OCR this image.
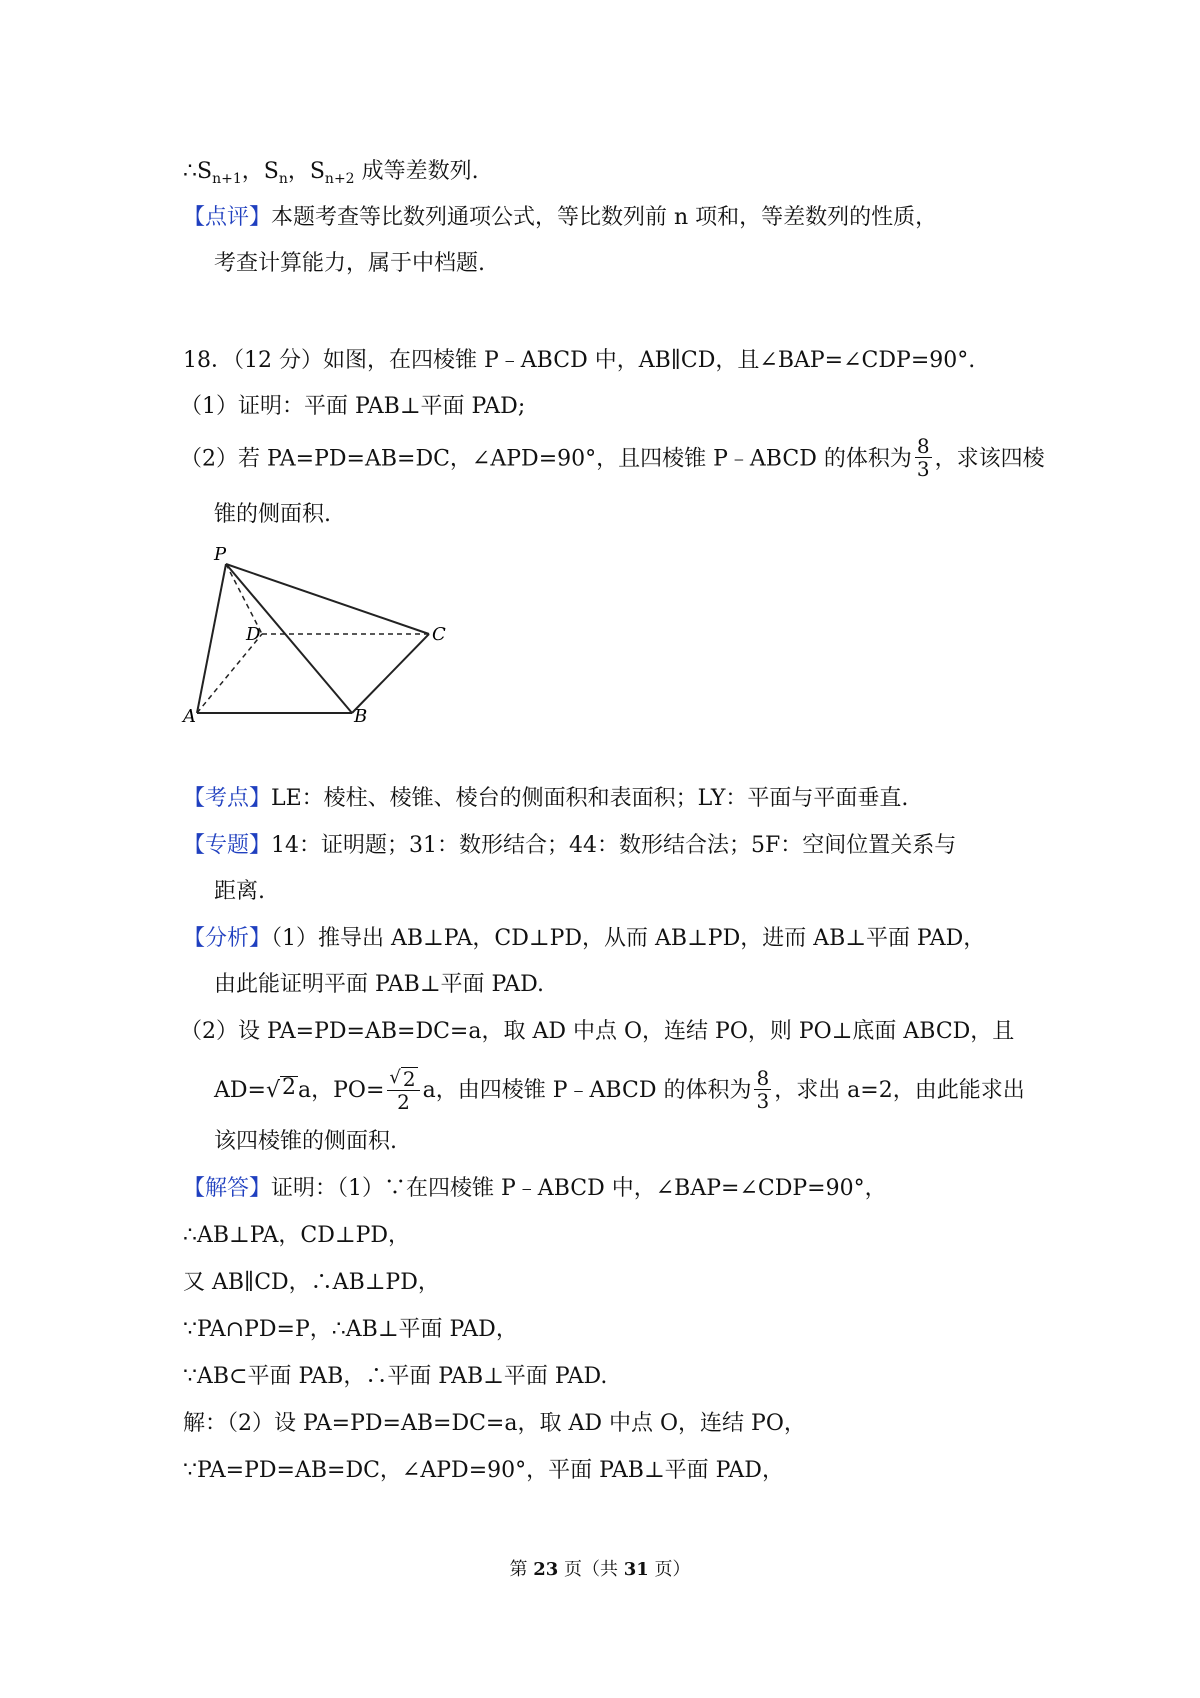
$\therefore S_{n+1}$，$S_n$，$S_{n+2}$ 成等差数列.
【点评】本题考查等比数列通项公式，等比数列前 n 项和，等差数列的性质，
考查计算能力，属于中档题.
18．（12 分）如图，在四棱锥 P﹣ABCD 中，AB∥CD，且∠BAP=∠CDP=90°.
（1）证明：平面 PAB⊥平面 PAD;
（2）若 PA=PD=AB=DC，∠APD=90°，且四棱锥 P﹣ABCD 的体积为 $\frac{8}{3}$ ，求该四棱
锥的侧面积.
P
D	C
A	B
【考点】LE：棱柱、棱锥、棱台的侧面积和表面积；LY：平面与平面垂直.
【专题】14：证明题；31：数形结合；44：数形结合法；5F：空间位置关系与
距离.
【分析】（1）推导出 AB⊥PA，CD⊥PD，从而 AB⊥PD，进而 AB⊥平面 PAD，
由此能证明平面 PAB⊥平面 PAD.
（2）设 PA=PD=AB=DC=a，取 AD 中点 O，连结 PO，则 PO⊥底面 ABCD，且
AD= √ 2 a，$PO= \frac{√ 2}{2}$ a，由四棱锥 P﹣ABCD 的体积为 $\frac{8}{3}$ ，求出 a=2，由此能求出
该四棱锥的侧面积.
【解答】证明：（1）∵在四棱锥 P﹣ABCD 中，∠BAP=∠CDP=90°，
∴AB⊥PA，CD⊥PD，
又 AB∥CD，∴AB⊥PD，
∵PA∩PD=P，∴AB⊥平面 PAD，
∵AB⊂平面 PAB，∴平面 PAB⊥平面 PAD.
解：（2）设 PA=PD=AB=DC=a，取 AD 中点 O，连结 PO，
∵PA=PD=AB=DC，∠APD=90°，平面 PAB⊥平面 PAD，
第 23 页（共 31 页）
